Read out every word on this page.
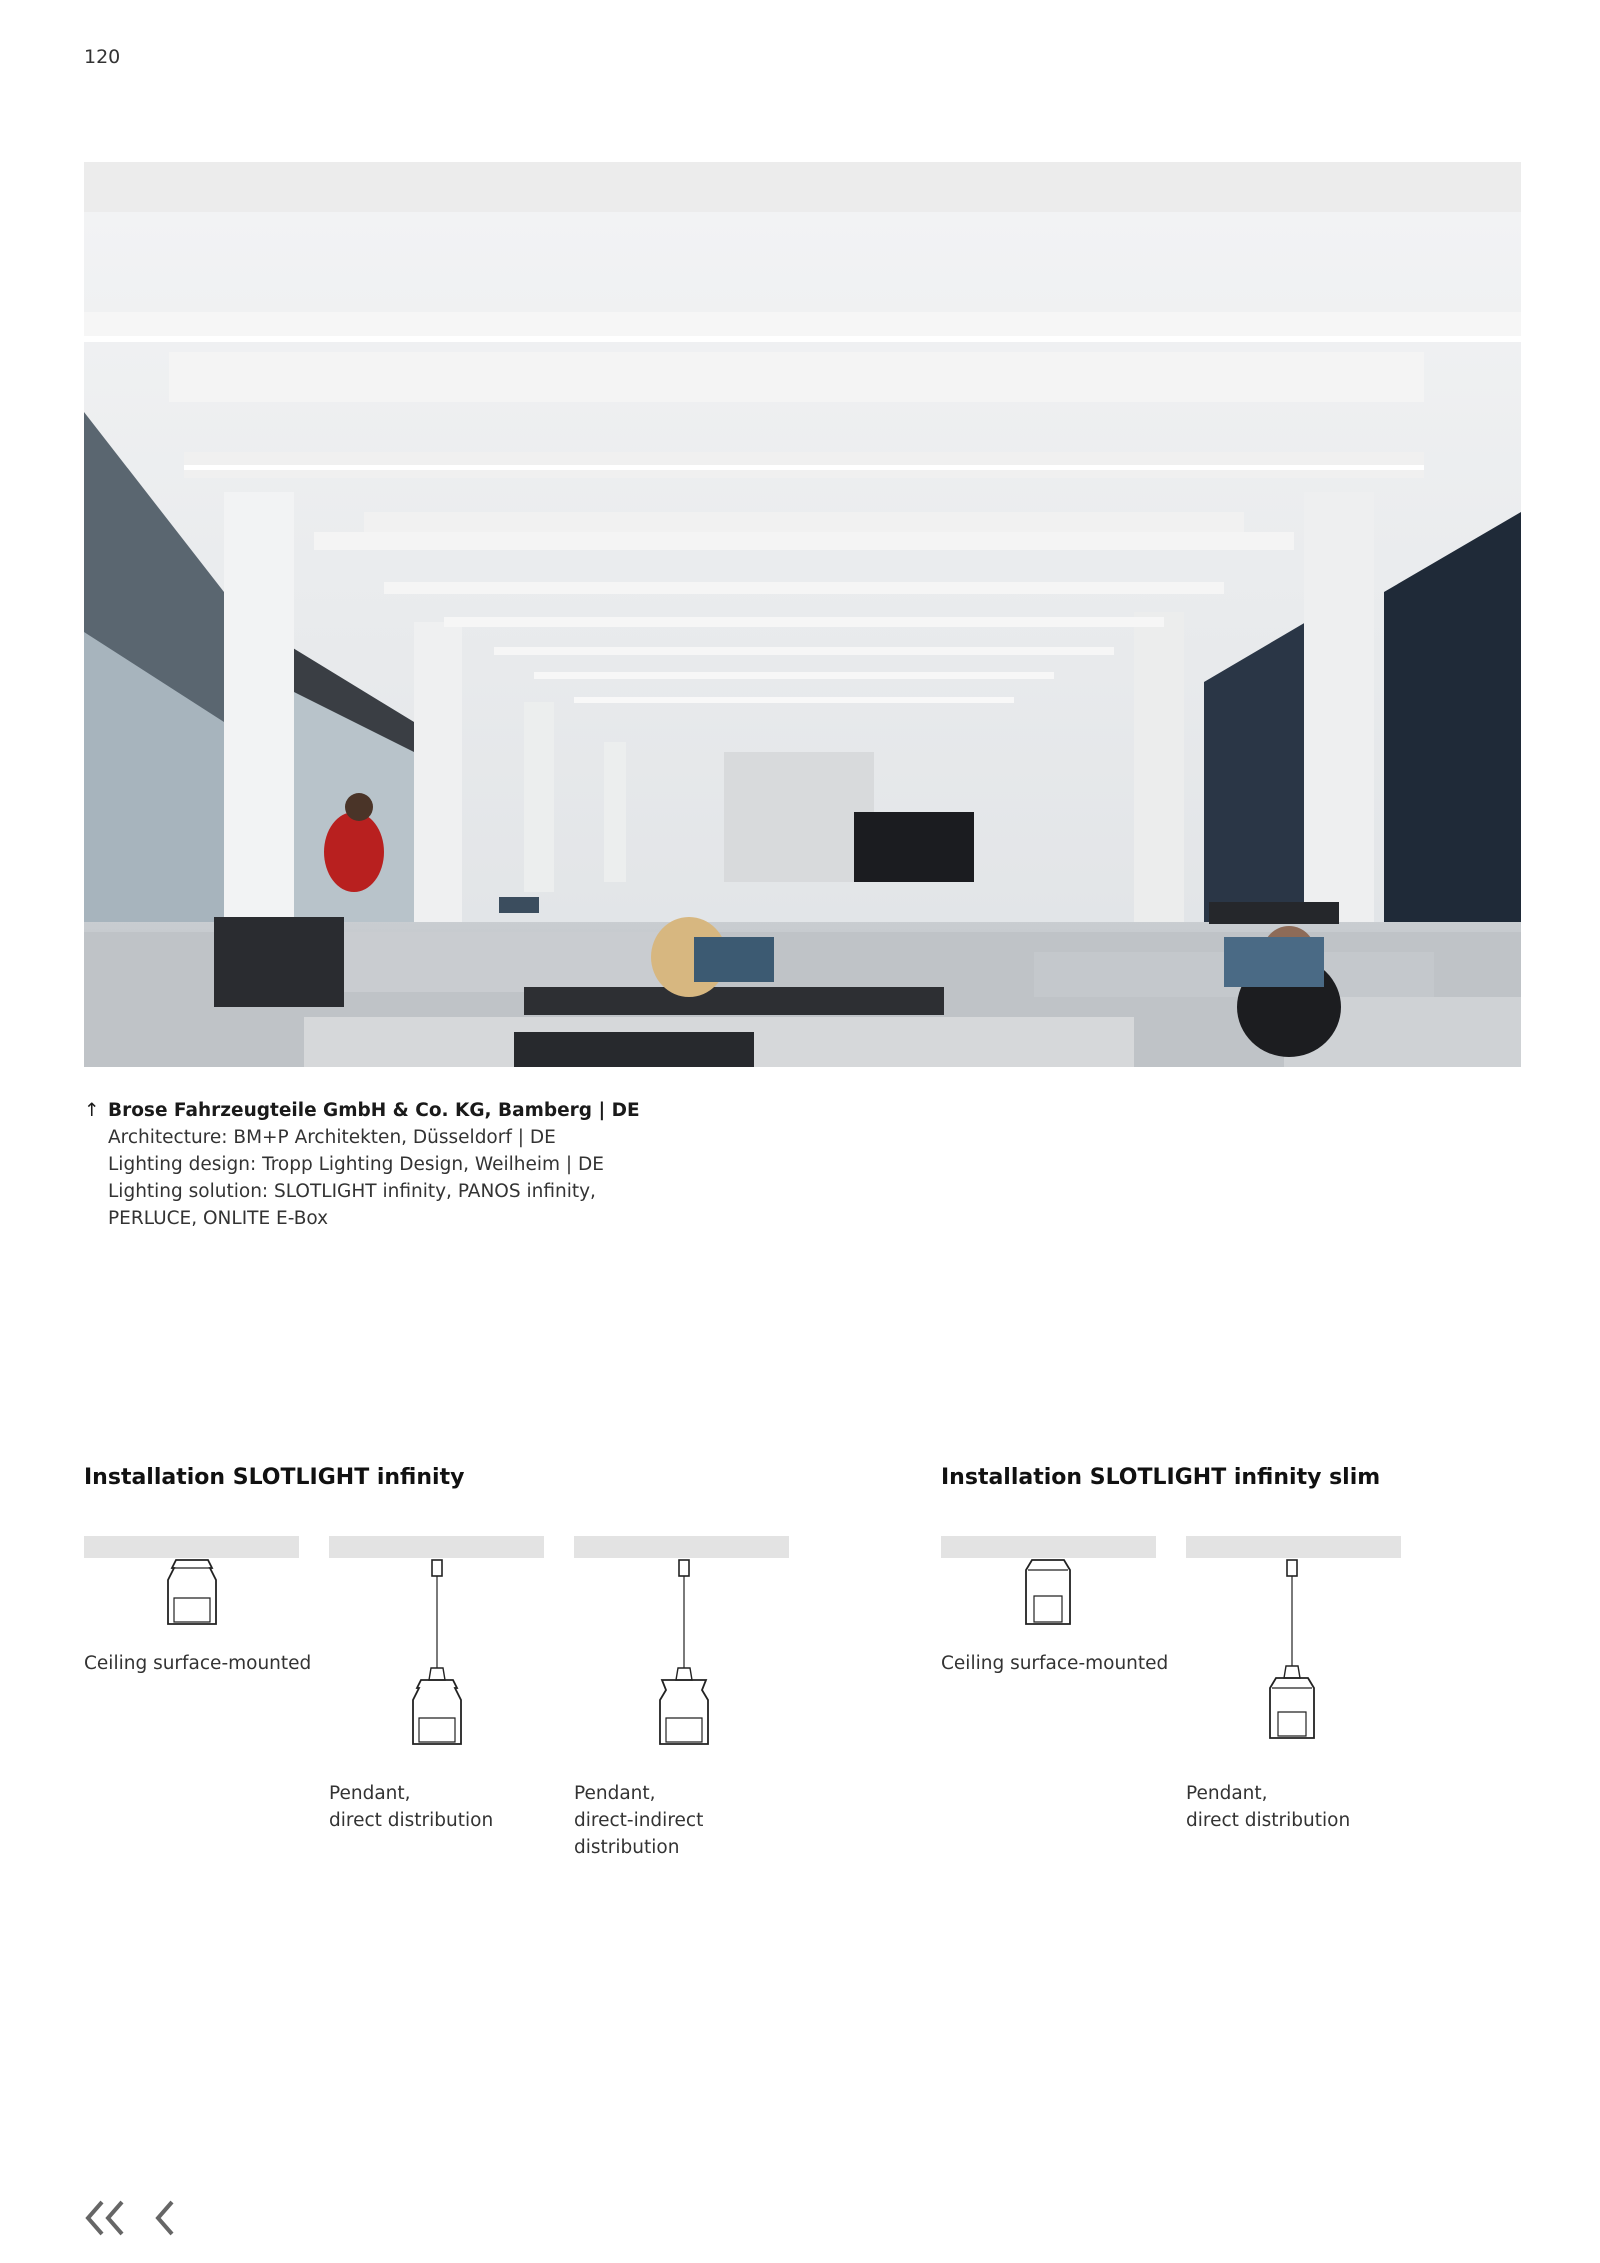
120
↑ Brose Fahrzeugteile GmbH & Co. KG, Bamberg | DE
Architecture: BM+P Architekten, Düsseldorf | DE
Lighting design: Tropp Lighting Design, Weilheim | DE
Lighting solution: SLOTLIGHT infinity, PANOS infinity,
PERLUCE, ONLITE E-Box
Installation SLOTLIGHT infinity
Ceiling surface-mounted
Pendant,
direct distribution
Pendant,
direct-indirect
distribution
Installation SLOTLIGHT infinity slim
Ceiling surface-mounted
Pendant,
direct distribution
